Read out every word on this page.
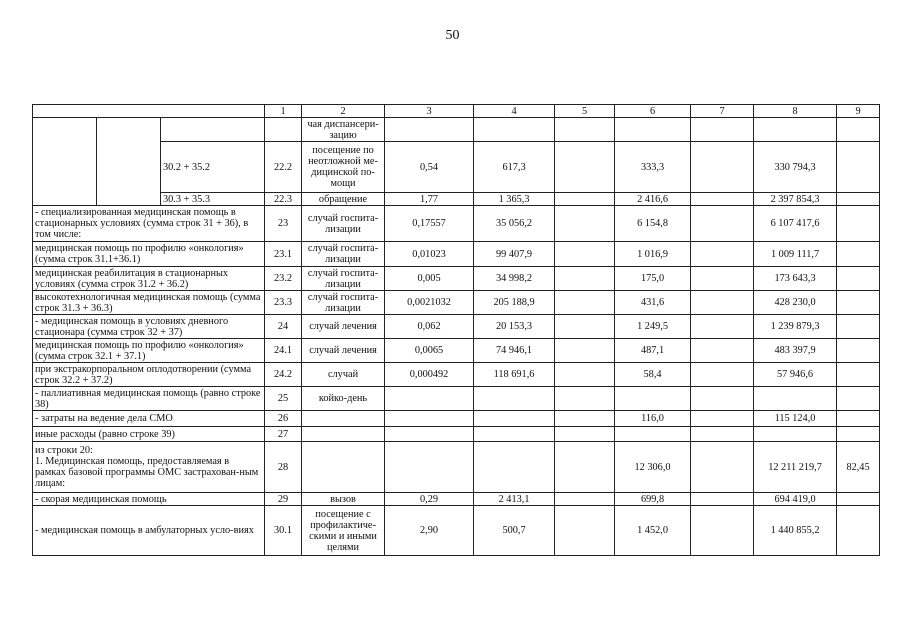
50
			1	2	3	4	5	6	7	8	9
				чая диспансери-зацию							
		30.2 + 35.2	22.2	посещение по неотложной ме-дицинской по-мощи	0,54	617,3		333,3		330 794,3	
		30.3 + 35.3	22.3	обращение	1,77	1 365,3		2 416,6		2 397 854,3	
- специализированная медицинская помощь в стационарных условиях (сумма строк 31 + 36), в том числе:			23	случай госпита-лизации	0,17557	35 056,2		6 154,8		6 107 417,6	
медицинская помощь по профилю «онкология» (сумма строк 31.1+36.1)			23.1	случай госпита-лизации	0,01023	99 407,9		1 016,9		1 009 111,7	
медицинская реабилитация в стационарных условиях (сумма строк 31.2 + 36.2)			23.2	случай госпита-лизации	0,005	34 998,2		175,0		173 643,3	
высокотехнологичная медицинская помощь (сумма строк 31.3 + 36.3)			23.3	случай госпита-лизации	0,0021032	205 188,9		431,6		428 230,0	
- медицинская помощь в условиях дневного стационара (сумма строк 32 + 37)			24	случай лечения	0,062	20 153,3		1 249,5		1 239 879,3	
медицинская помощь по профилю «онкология» (сумма строк 32.1 + 37.1)			24.1	случай лечения	0,0065	74 946,1		487,1		483 397,9	
при экстракорпоральном оплодотворении (сумма строк 32.2 + 37.2)			24.2	случай	0,000492	118 691,6		58,4		57 946,6	
- паллиативная медицинская помощь (равно строке 38)			25	койко-день							
- затраты на ведение дела СМО			26					116,0		115 124,0	
иные расходы (равно строке 39)			27								
из строки 20:
1. Медицинская помощь, предоставляемая в рамках базовой программы ОМС застрахован-ным лицам:			28					12 306,0		12 211 219,7	82,45
- скорая медицинская помощь			29	вызов	0,29	2 413,1		699,8		694 419,0	
- медицинская помощь в амбулаторных усло-виях			30.1	посещение с профилактиче-скими и иными целями	2,90	500,7		1 452,0		1 440 855,2	
